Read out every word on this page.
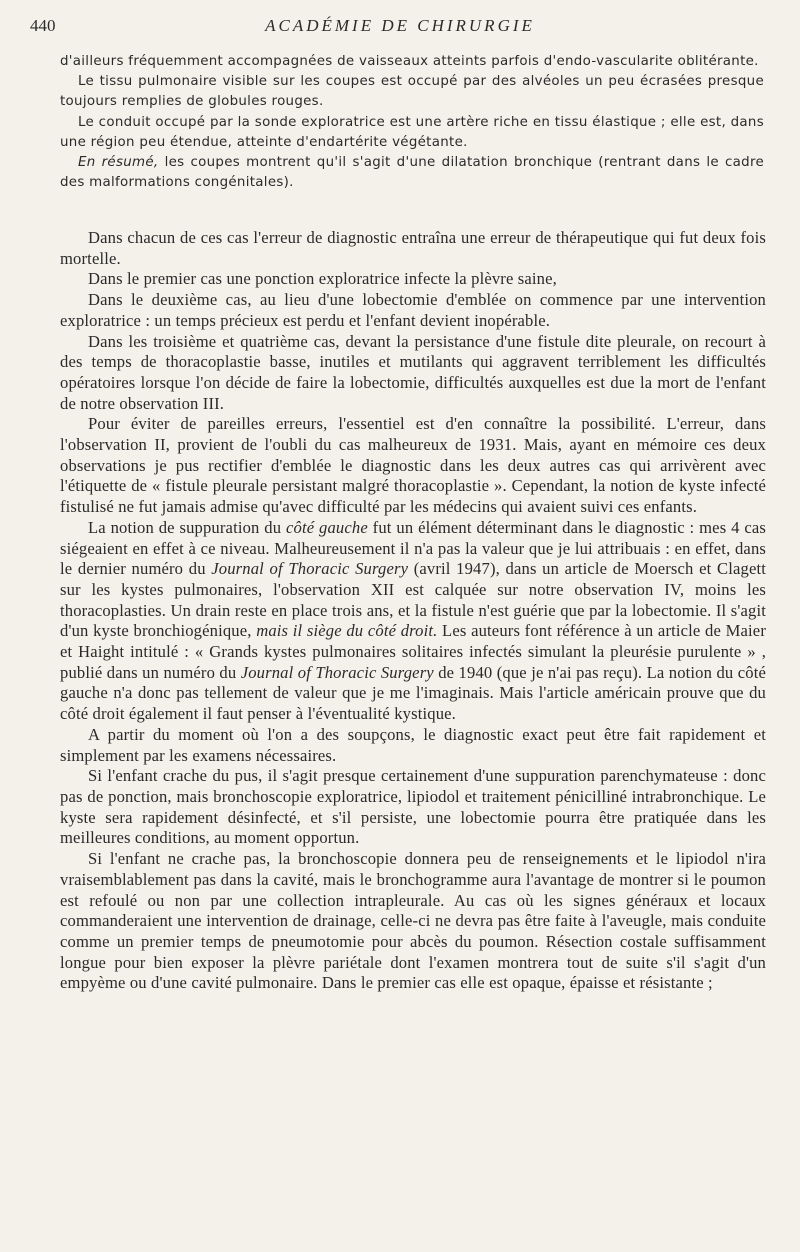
440	ACADÉMIE DE CHIRURGIE

d'ailleurs fréquemment accompagnées de vaisseaux atteints parfois d'endo-vascularite oblitérante.

Le tissu pulmonaire visible sur les coupes est occupé par des alvéoles un peu écrasées presque toujours remplies de globules rouges.

Le conduit occupé par la sonde exploratrice est une artère riche en tissu élastique ; elle est, dans une région peu étendue, atteinte d'endartérite végétante.

En résumé, les coupes montrent qu'il s'agit d'une dilatation bronchique (rentrant dans le cadre des malformations congénitales).

Dans chacun de ces cas l'erreur de diagnostic entraîna une erreur de thérapeutique qui fut deux fois mortelle.

Dans le premier cas une ponction exploratrice infecte la plèvre saine,

Dans le deuxième cas, au lieu d'une lobectomie d'emblée on commence par une intervention exploratrice : un temps précieux est perdu et l'enfant devient inopérable.

Dans les troisième et quatrième cas, devant la persistance d'une fistule dite pleurale, on recourt à des temps de thoracoplastie basse, inutiles et mutilants qui aggravent terriblement les difficultés opératoires lorsque l'on décide de faire la lobectomie, difficultés auxquelles est due la mort de l'enfant de notre observation III.

Pour éviter de pareilles erreurs, l'essentiel est d'en connaître la possibilité. L'erreur, dans l'observation II, provient de l'oubli du cas malheureux de 1931. Mais, ayant en mémoire ces deux observations je pus rectifier d'emblée le diagnostic dans les deux autres cas qui arrivèrent avec l'étiquette de « fistule pleurale persistant malgré thoracoplastie ». Cependant, la notion de kyste infecté fistulisé ne fut jamais admise qu'avec difficulté par les médecins qui avaient suivi ces enfants.

La notion de suppuration du côté gauche fut un élément déterminant dans le diagnostic : mes 4 cas siégeaient en effet à ce niveau. Malheureusement il n'a pas la valeur que je lui attribuais : en effet, dans le dernier numéro du Journal of Thoracic Surgery (avril 1947), dans un article de Moersch et Clagett sur les kystes pulmonaires, l'observation XII est calquée sur notre observation IV, moins les thoracoplasties. Un drain reste en place trois ans, et la fistule n'est guérie que par la lobectomie. Il s'agit d'un kyste bronchiogénique, mais il siège du côté droit. Les auteurs font référence à un article de Maier et Haight intitulé : « Grands kystes pulmonaires solitaires infectés simulant la pleurésie purulente » , publié dans un numéro du Journal of Thoracic Surgery de 1940 (que je n'ai pas reçu). La notion du côté gauche n'a donc pas tellement de valeur que je me l'imaginais. Mais l'article américain prouve que du côté droit également il faut penser à l'éventualité kystique.

A partir du moment où l'on a des soupçons, le diagnostic exact peut être fait rapidement et simplement par les examens nécessaires.

Si l'enfant crache du pus, il s'agit presque certainement d'une suppuration parenchymateuse : donc pas de ponction, mais bronchoscopie exploratrice, lipiodol et traitement pénicilliné intrabronchique. Le kyste sera rapidement désinfecté, et s'il persiste, une lobectomie pourra être pratiquée dans les meilleures conditions, au moment opportun.

Si l'enfant ne crache pas, la bronchoscopie donnera peu de renseignements et le lipiodol n'ira vraisemblablement pas dans la cavité, mais le bronchogramme aura l'avantage de montrer si le poumon est refoulé ou non par une collection intrapleurale. Au cas où les signes généraux et locaux commanderaient une intervention de drainage, celle-ci ne devra pas être faite à l'aveugle, mais conduite comme un premier temps de pneumotomie pour abcès du poumon. Résection costale suffisamment longue pour bien exposer la plèvre pariétale dont l'examen montrera tout de suite s'il s'agit d'un empyème ou d'une cavité pulmonaire. Dans le premier cas elle est opaque, épaisse et résistante ;
